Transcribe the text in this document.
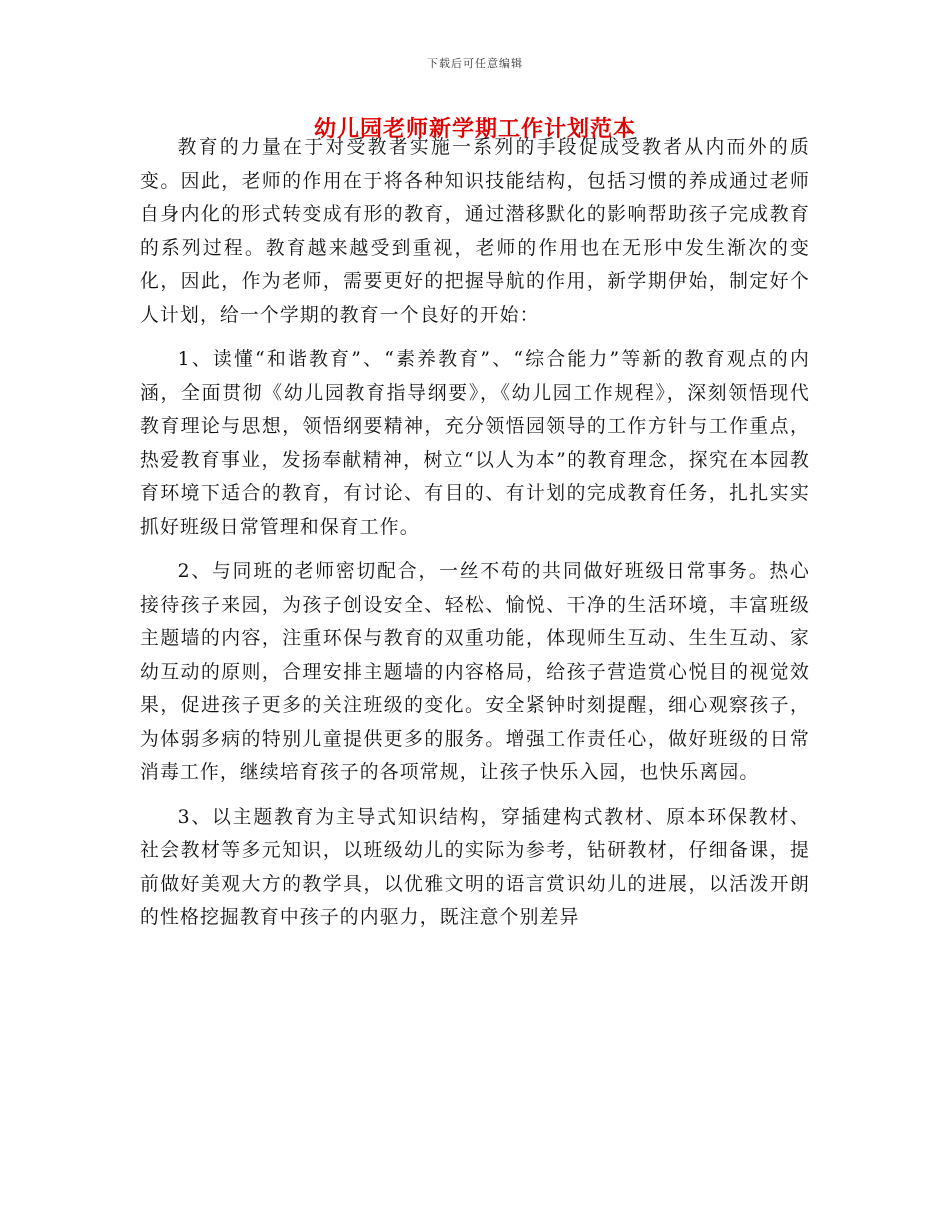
下载后可任意编辑
幼儿园老师新学期工作计划范本

教育的力量在于对受教者实施一系列的手段促成受教者从内而外的质变。因此，老师的作用在于将各种知识技能结构，包括习惯的养成通过老师自身内化的形式转变成有形的教育，通过潜移默化的影响帮助孩子完成教育的系列过程。教育越来越受到重视，老师的作用也在无形中发生渐次的变化，因此，作为老师，需要更好的把握导航的作用，新学期伊始，制定好个人计划，给一个学期的教育一个良好的开始：

1、读懂“和谐教育”、“素养教育”、“综合能力”等新的教育观点的内涵，全面贯彻《幼儿园教育指导纲要》，《幼儿园工作规程》，深刻领悟现代教育理论与思想，领悟纲要精神，充分领悟园领导的工作方针与工作重点，热爱教育事业，发扬奉献精神，树立“以人为本”的教育理念，探究在本园教育环境下适合的教育，有讨论、有目的、有计划的完成教育任务，扎扎实实抓好班级日常管理和保育工作。

2、与同班的老师密切配合，一丝不苟的共同做好班级日常事务。热心接待孩子来园，为孩子创设安全、轻松、愉悦、干净的生活环境，丰富班级主题墙的内容，注重环保与教育的双重功能，体现师生互动、生生互动、家幼互动的原则，合理安排主题墙的内容格局，给孩子营造赏心悦目的视觉效果，促进孩子更多的关注班级的变化。安全紧钟时刻提醒，细心观察孩子，为体弱多病的特别儿童提供更多的服务。增强工作责任心，做好班级的日常消毒工作，继续培育孩子的各项常规，让孩子快乐入园，也快乐离园。

3、以主题教育为主导式知识结构，穿插建构式教材、原本环保教材、社会教材等多元知识，以班级幼儿的实际为参考，钻研教材，仔细备课，提前做好美观大方的教学具，以优雅文明的语言赏识幼儿的进展，以活泼开朗的性格挖掘教育中孩子的内驱力，既注意个别差异
